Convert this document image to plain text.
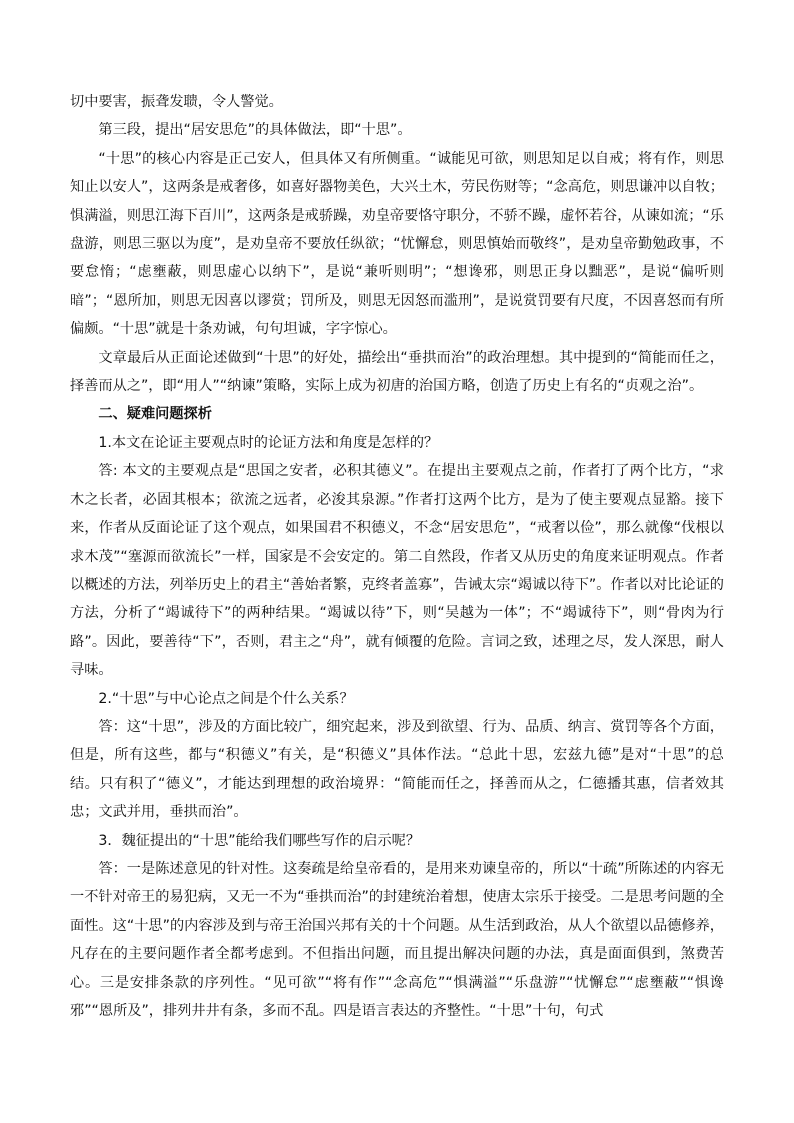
切中要害，振聋发聩，令人警觉。

第三段，提出“居安思危”的具体做法，即“十思”。

“十思”的核心内容是正己安人，但具体又有所侧重。“诚能见可欲，则思知足以自戒；将有作，则思知止以安人”，这两条是戒奢侈，如喜好器物美色，大兴土木，劳民伤财等；“念高危，则思谦冲以自牧；惧满溢，则思江海下百川”，这两条是戒骄躁，劝皇帝要恪守职分，不骄不躁，虚怀若谷，从谏如流；“乐盘游，则思三驱以为度”，是劝皇帝不要放任纵欲；“忧懈怠，则思慎始而敬终”，是劝皇帝勤勉政事，不要怠惰；“虑壅蔽，则思虚心以纳下”，是说“兼听则明”；“想谗邪，则思正身以黜恶”，是说“偏听则暗”；“恩所加，则思无因喜以谬赏；罚所及，则思无因怒而滥刑”，是说赏罚要有尺度，不因喜怒而有所偏颇。“十思”就是十条劝诫，句句坦诚，字字惊心。

文章最后从正面论述做到“十思”的好处，描绘出“垂拱而治”的政治理想。其中提到的“简能而任之，择善而从之”，即“用人”“纳谏”策略，实际上成为初唐的治国方略，创造了历史上有名的“贞观之治”。

二、疑难问题探析

1.本文在论证主要观点时的论证方法和角度是怎样的？

答: 本文的主要观点是“思国之安者，必积其德义”。在提出主要观点之前，作者打了两个比方，“求木之长者，必固其根本；欲流之远者，必浚其泉源。”作者打这两个比方，是为了使主要观点显豁。接下来，作者从反面论证了这个观点，如果国君不积德义，不念“居安思危”，“戒奢以俭”，那么就像“伐根以求木茂”“塞源而欲流长”一样，国家是不会安定的。第二自然段，作者又从历史的角度来证明观点。作者以概述的方法，列举历史上的君主“善始者繁，克终者盖寡”，告诫太宗“竭诚以待下”。作者以对比论证的方法，分析了“竭诚待下”的两种结果。“竭诚以待”下，则“吴越为一体”；不“竭诚待下”，则“骨肉为行路”。因此，要善待“下”，否则，君主之“舟”，就有倾覆的危险。言词之致，述理之尽，发人深思，耐人寻味。

2.“十思”与中心论点之间是个什么关系？

答：这“十思”，涉及的方面比较广，细究起来，涉及到欲望、行为、品质、纳言、赏罚等各个方面，但是，所有这些，都与“积德义”有关，是“积德义”具体作法。“总此十思，宏兹九德”是对“十思”的总结。只有积了“德义”，才能达到理想的政治境界：“简能而任之，择善而从之，仁德播其惠，信者效其忠；文武并用，垂拱而治”。

3．魏征提出的“十思”能给我们哪些写作的启示呢？

答：一是陈述意见的针对性。这奏疏是给皇帝看的，是用来劝谏皇帝的，所以“十疏”所陈述的内容无一不针对帝王的易犯病，又无一不为“垂拱而治”的封建统治着想，使唐太宗乐于接受。二是思考问题的全面性。这“十思”的内容涉及到与帝王治国兴邦有关的十个问题。从生活到政治，从人个欲望以品德修养，凡存在的主要问题作者全都考虑到。不但指出问题，而且提出解决问题的办法，真是面面俱到，煞费苦心。三是安排条款的序列性。“见可欲”“将有作”“念高危”“惧满溢”“乐盘游”“忧懈怠”“虑壅蔽”“惧谗邪”“恩所及”，排列井井有条，多而不乱。四是语言表达的齐整性。“十思”十句，句式
